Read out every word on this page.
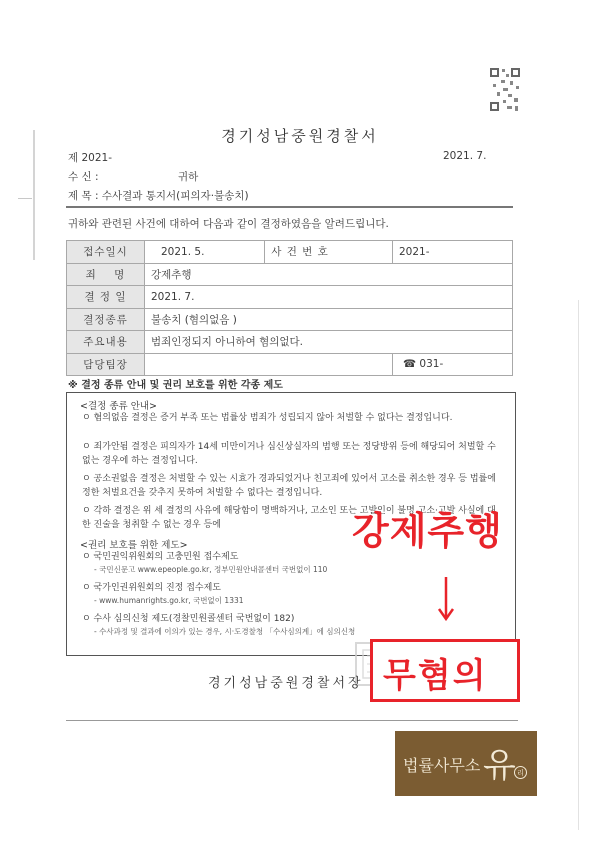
경기성남중원경찰서
제 2021-	2021. 7.
수 신 :	귀하
제 목 : 수사결과 통지서(피의자·불송치)
귀하와 관련된 사건에 대하여 다음과 같이 결정하였음을 알려드립니다.
접수일시	2021. 5.	사 건 번 호	2021-
죄    명	강제추행		
결 정 일	2021. 7.		
결정종류	불송치 (혐의없음 )		
주요내용	범죄인정되지 아니하여 혐의없다.		
담당팀장			☎ 031-
※ 결정 종류 안내 및 권리 보호를 위한 각종 제도
<결정 종류 안내>
ㅇ 혐의없음 결정은 증거 부족 또는 법률상 범죄가 성립되지 않아 처벌할 수 없다는 결정입니다.
ㅇ 죄가안됨 결정은 피의자가 14세 미만이거나 심신상실자의 범행 또는 정당방위 등에 해당되어 처벌할 수 없는 경우에 하는 결정입니다.
ㅇ 공소권없음 결정은 처벌할 수 있는 시효가 경과되었거나 친고죄에 있어서 고소를 취소한 경우 등 법률에 정한 처벌요건을 갖추지 못하여 처벌할 수 없다는 결정입니다.
ㅇ 각하 결정은 위 세 결정의 사유에 해당함이 명백하거나, 고소인 또는 고발인이 불명 고소·고발 사실에 대한 진술을 청취할 수 없는 경우 등에
<권리 보호를 위한 제도>
ㅇ 국민권익위원회의 고충민원 접수제도
- 국민신문고 www.epeople.go.kr, 정부민원안내콜센터 국번없이 110
ㅇ 국가인권위원회의 진정 접수제도
- www.humanrights.go.kr, 국번없이 1331
ㅇ 수사 심의신청 제도(경찰민원콜센터 국번없이 182)
- 수사과정 및 결과에 이의가 있는 경우, 시·도경찰청 「수사심의계」에 심의신청
경기성남중원경찰서장
강제추행
무혐의
법률사무소 유 리
